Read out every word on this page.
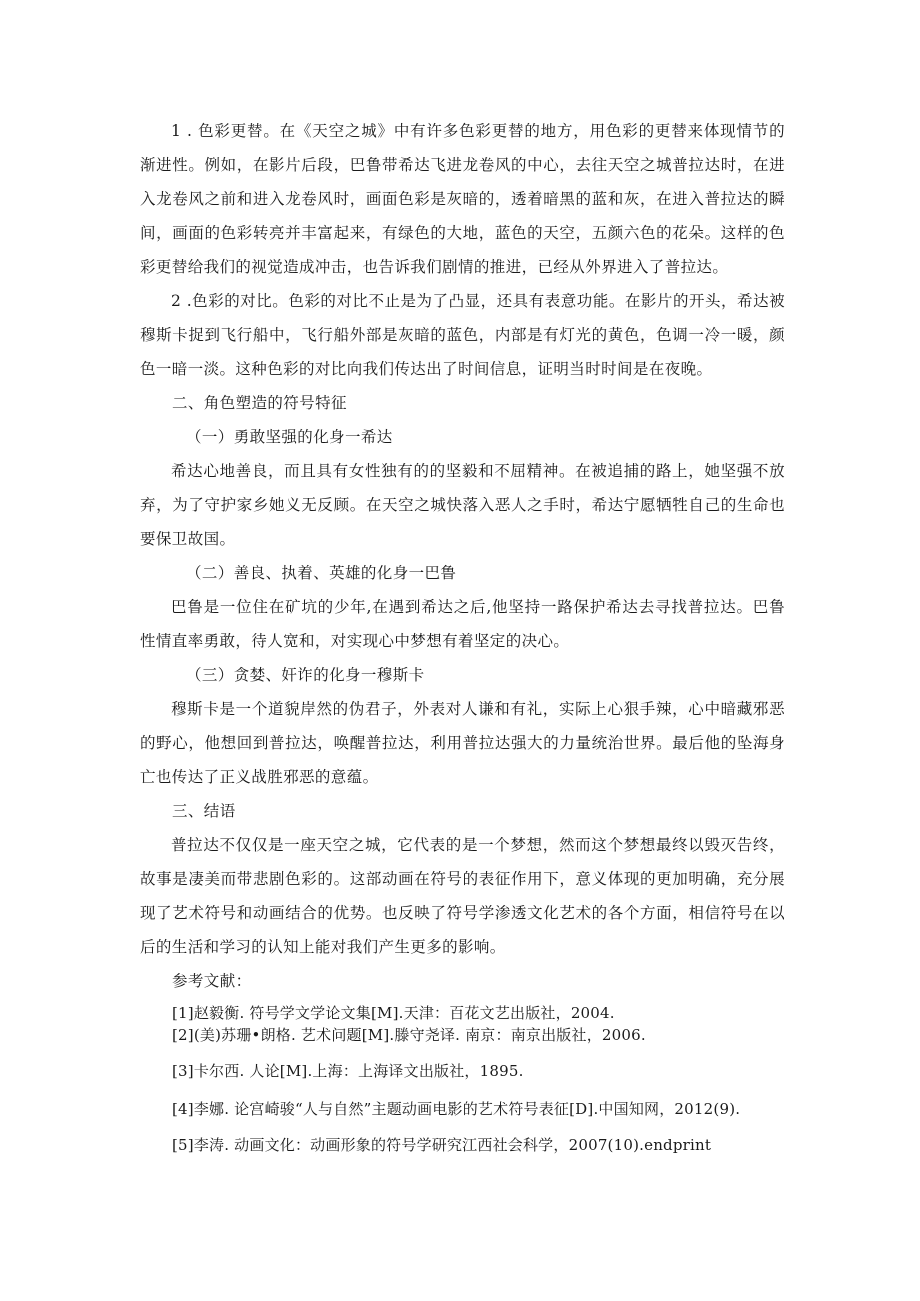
1 . 色彩更替。在《天空之城》中有许多色彩更替的地方，用色彩的更替来体现情节的渐进性。例如，在影片后段，巴鲁带希达飞进龙卷风的中心，去往天空之城普拉达时，在进入龙卷风之前和进入龙卷风时，画面色彩是灰暗的，透着暗黑的蓝和灰，在进入普拉达的瞬间，画面的色彩转亮并丰富起来，有绿色的大地，蓝色的天空，五颜六色的花朵。这样的色彩更替给我们的视觉造成冲击，也告诉我们剧情的推进，已经从外界进入了普拉达。

2 .色彩的对比。色彩的对比不止是为了凸显，还具有表意功能。在影片的开头，希达被穆斯卡捉到飞行船中，飞行船外部是灰暗的蓝色，内部是有灯光的黄色，色调一冷一暖，颜色一暗一淡。这种色彩的对比向我们传达出了时间信息，证明当时时间是在夜晚。

二、角色塑造的符号特征

（一）勇敢坚强的化身一希达

希达心地善良，而且具有女性独有的的坚毅和不屈精神。在被追捕的路上，她坚强不放弃，为了守护家乡她义无反顾。在天空之城快落入恶人之手时，希达宁愿牺牲自己的生命也要保卫故国。

（二）善良、执着、英雄的化身一巴鲁

巴鲁是一位住在矿坑的少年,在遇到希达之后,他坚持一路保护希达去寻找普拉达。巴鲁性情直率勇敢，待人宽和，对实现心中梦想有着坚定的决心。

（三）贪婪、奸诈的化身一穆斯卡

穆斯卡是一个道貌岸然的伪君子，外表对人谦和有礼，实际上心狠手辣，心中暗藏邪恶的野心，他想回到普拉达，唤醒普拉达，利用普拉达强大的力量统治世界。最后他的坠海身亡也传达了正义战胜邪恶的意蕴。

三、结语

普拉达不仅仅是一座天空之城，它代表的是一个梦想，然而这个梦想最终以毁灭告终，故事是凄美而带悲剧色彩的。这部动画在符号的表征作用下，意义体现的更加明确，充分展现了艺术符号和动画结合的优势。也反映了符号学渗透文化艺术的各个方面，相信符号在以后的生活和学习的认知上能对我们产生更多的影响。

参考文献：

[1]赵毅衡. 符号学文学论文集[M].天津：百花文艺出版社，2004.

[2](美)苏珊•朗格. 艺术问题[M].滕守尧译. 南京：南京出版社，2006.

[3]卡尔西. 人论[M].上海：上海译文出版社，1895.

[4]李娜. 论宫崎骏“人与自然”主题动画电影的艺术符号表征[D].中国知网，2012(9).

[5]李涛. 动画文化：动画形象的符号学研究江西社会科学，2007(10).endprint
